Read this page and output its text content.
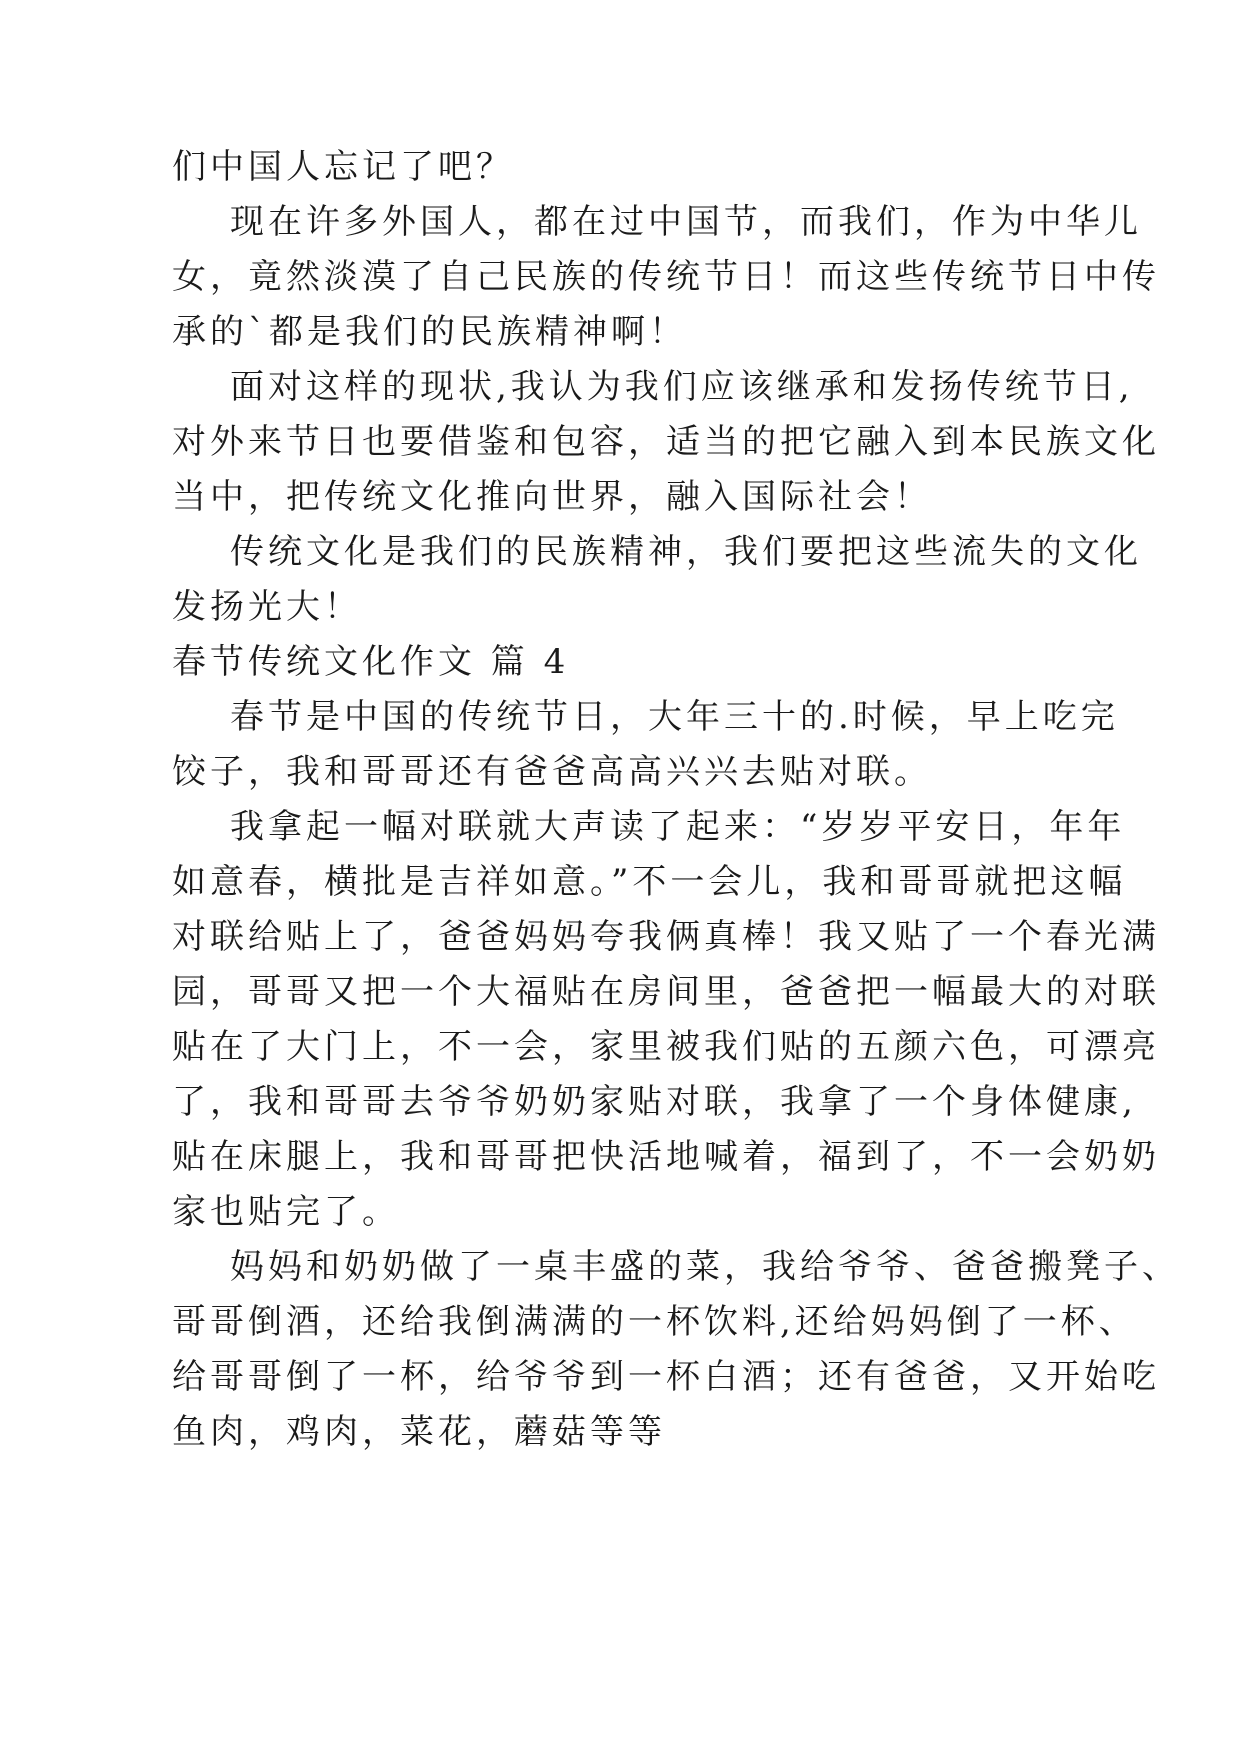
们中国人忘记了吧？
现在许多外国人，都在过中国节，而我们，作为中华儿
女，竟然淡漠了自己民族的传统节日！而这些传统节日中传
承的`都是我们的民族精神啊！
面对这样的现状,我认为我们应该继承和发扬传统节日,
对外来节日也要借鉴和包容，适当的把它融入到本民族文化
当中，把传统文化推向世界，融入国际社会！
传统文化是我们的民族精神，我们要把这些流失的文化
发扬光大！
春节传统文化作文 篇 4
春节是中国的传统节日，大年三十的.时候，早上吃完
饺子，我和哥哥还有爸爸高高兴兴去贴对联。
我拿起一幅对联就大声读了起来：“岁岁平安日，年年
如意春，横批是吉祥如意。”不一会儿，我和哥哥就把这幅
对联给贴上了，爸爸妈妈夸我俩真棒！我又贴了一个春光满
园，哥哥又把一个大福贴在房间里，爸爸把一幅最大的对联
贴在了大门上，不一会，家里被我们贴的五颜六色，可漂亮
了，我和哥哥去爷爷奶奶家贴对联，我拿了一个身体健康,
贴在床腿上，我和哥哥把快活地喊着，福到了，不一会奶奶
家也贴完了。
妈妈和奶奶做了一桌丰盛的菜，我给爷爷、爸爸搬凳子、
哥哥倒酒，还给我倒满满的一杯饮料,还给妈妈倒了一杯、
给哥哥倒了一杯，给爷爷到一杯白酒；还有爸爸，又开始吃
鱼肉，鸡肉，菜花，蘑菇等等
